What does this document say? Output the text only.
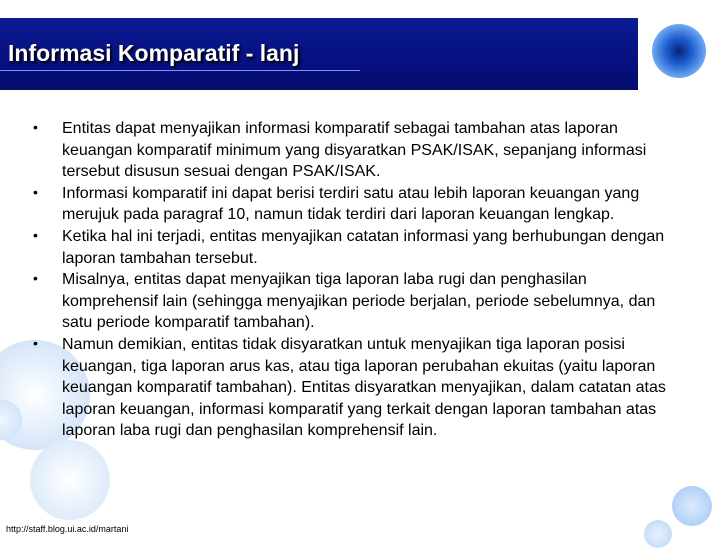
Informasi Komparatif - lanj
• Entitas dapat menyajikan informasi komparatif sebagai tambahan atas laporan keuangan komparatif minimum yang disyaratkan PSAK/ISAK, sepanjang informasi tersebut disusun sesuai dengan PSAK/ISAK.
• Informasi komparatif ini dapat berisi terdiri satu atau lebih laporan keuangan yang merujuk pada paragraf 10, namun tidak terdiri dari laporan keuangan lengkap.
• Ketika hal ini terjadi, entitas menyajikan catatan informasi yang berhubungan dengan laporan tambahan tersebut.
• Misalnya, entitas dapat menyajikan tiga laporan laba rugi dan penghasilan komprehensif lain (sehingga menyajikan periode berjalan, periode sebelumnya, dan satu periode komparatif tambahan).
• Namun demikian, entitas tidak disyaratkan untuk menyajikan tiga laporan posisi keuangan, tiga laporan arus kas, atau tiga laporan perubahan ekuitas (yaitu laporan keuangan komparatif tambahan). Entitas disyaratkan menyajikan, dalam catatan atas laporan keuangan, informasi komparatif yang terkait dengan laporan tambahan atas laporan laba rugi dan penghasilan komprehensif lain.
http://staff.blog.ui.ac.id/martani
